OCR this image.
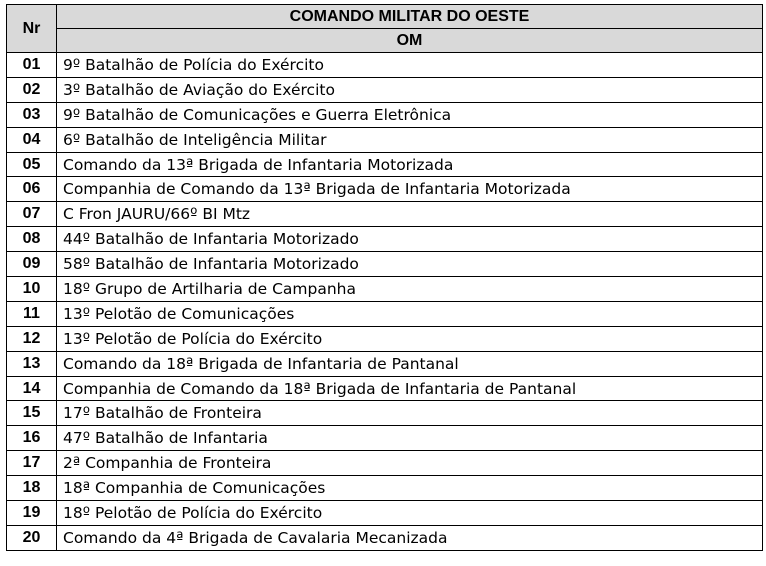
Nr	COMANDO MILITAR DO OESTE
	OM
01	9º Batalhão de Polícia do Exército
02	3º Batalhão de Aviação do Exército
03	9º Batalhão de Comunicações e Guerra Eletrônica
04	6º Batalhão de Inteligência Militar
05	Comando da 13ª Brigada de Infantaria Motorizada
06	Companhia de Comando da 13ª Brigada de Infantaria Motorizada
07	C Fron JAURU/66º BI Mtz
08	44º Batalhão de Infantaria Motorizado
09	58º Batalhão de Infantaria Motorizado
10	18º Grupo de Artilharia de Campanha
11	13º Pelotão de Comunicações
12	13º Pelotão de Polícia do Exército
13	Comando da 18ª Brigada de Infantaria de Pantanal
14	Companhia de Comando da 18ª Brigada de Infantaria de Pantanal
15	17º Batalhão de Fronteira
16	47º Batalhão de Infantaria
17	2ª Companhia de Fronteira
18	18ª Companhia de Comunicações
19	18º Pelotão de Polícia do Exército
20	Comando da 4ª Brigada de Cavalaria Mecanizada
